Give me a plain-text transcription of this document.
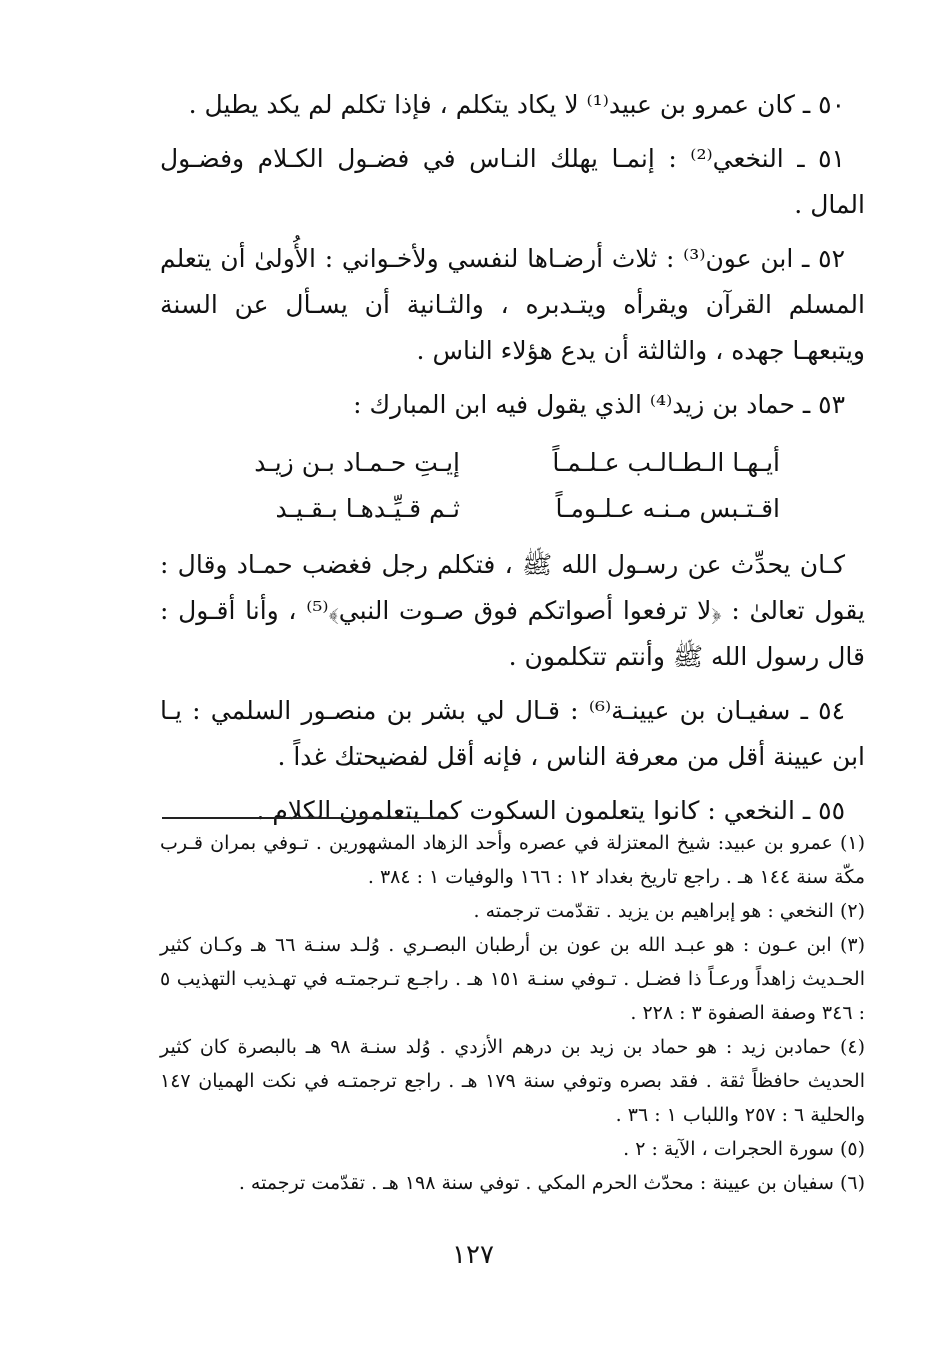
٥٠ ـ كان عمرو بن عبيد⁽¹⁾ لا يكاد يتكلم ، فإذا تكلم لم يكد يطيل .

٥١ ـ النخعي⁽²⁾ : إنمـا يهلك النـاس في فضـول الكـلام وفضـول المال .

٥٢ ـ ابن عون⁽³⁾ : ثلاث أرضـاها لنفسي ولأخـواني : الأُولىٰ أن يتعلم المسلم القرآن ويقرأه ويتـدبره ، والثـانية أن يسـأل عن السنة ويتبعهـا جهده ، والثالثة أن يدع هؤلاء الناس .

٥٣ ـ حماد بن زيد⁽⁴⁾ الذي يقول فيه ابن المبارك :

أيـهـا الـطـالـب عـلـمـاً
إيـتِ حـمـاد بـن زيـد
اقـتـبس مـنـه عـلـومـاً
ثـم قـيِّـدهـا بـقـيـد

كـان يحدِّث عن رسـول الله ﷺ ، فتكلم رجل فغضب حمـاد وقال : يقول تعالىٰ : ﴿لا ترفعوا أصواتكم فوق صـوت النبي﴾⁽⁵⁾ ، وأنا أقـول : قال رسول الله ﷺ وأنتم تتكلمون .

٥٤ ـ سفيـان بن عيينـة⁽⁶⁾ : قـال لي بشر بن منصـور السلمي : يـا ابن عيينة أقل من معرفة الناس ، فإنه أقل لفضيحتك غداً .

٥٥ ـ النخعي : كانوا يتعلمون السكوت كما يتعلمون الكلام .

(١) عمرو بن عبيد: شيخ المعتزلة في عصره وأحد الزهاد المشهورين . تـوفي بمران قـرب مكّة سنة ١٤٤ هـ . راجع تاريخ بغداد ١٢ : ١٦٦ والوفيات ١ : ٣٨٤ .

(٢) النخعي : هو إبراهيم بن يزيد . تقدّمت ترجمته .

(٣) ابن عـون : هو عبـد الله بن عون بن أرطبان البصـري . وُلـد سنـة ٦٦ هـ وكـان كثير الحـديث زاهداً ورعـاً ذا فضـل . تـوفي سنـة ١٥١ هـ . راجـع تـرجمتـه في تهـذيب التهذيب ٥ : ٣٤٦ وصفة الصفوة ٣ : ٢٢٨ .

(٤) حمادبن زيد : هو حماد بن زيد بن درهم الأزدي . وُلد سنـة ٩٨ هـ بالبصرة كان كثير الحديث حافظاً ثقة . فقد بصره وتوفي سنة ١٧٩ هـ . راجع ترجمتـه في نكت الهميان ١٤٧ والحلية ٦ : ٢٥٧ واللباب ١ : ٣٦ .

(٥) سورة الحجرات ، الآية : ٢ .

(٦) سفيان بن عيينة : محدّث الحرم المكي . توفي سنة ١٩٨ هـ . تقدّمت ترجمته .

١٢٧
